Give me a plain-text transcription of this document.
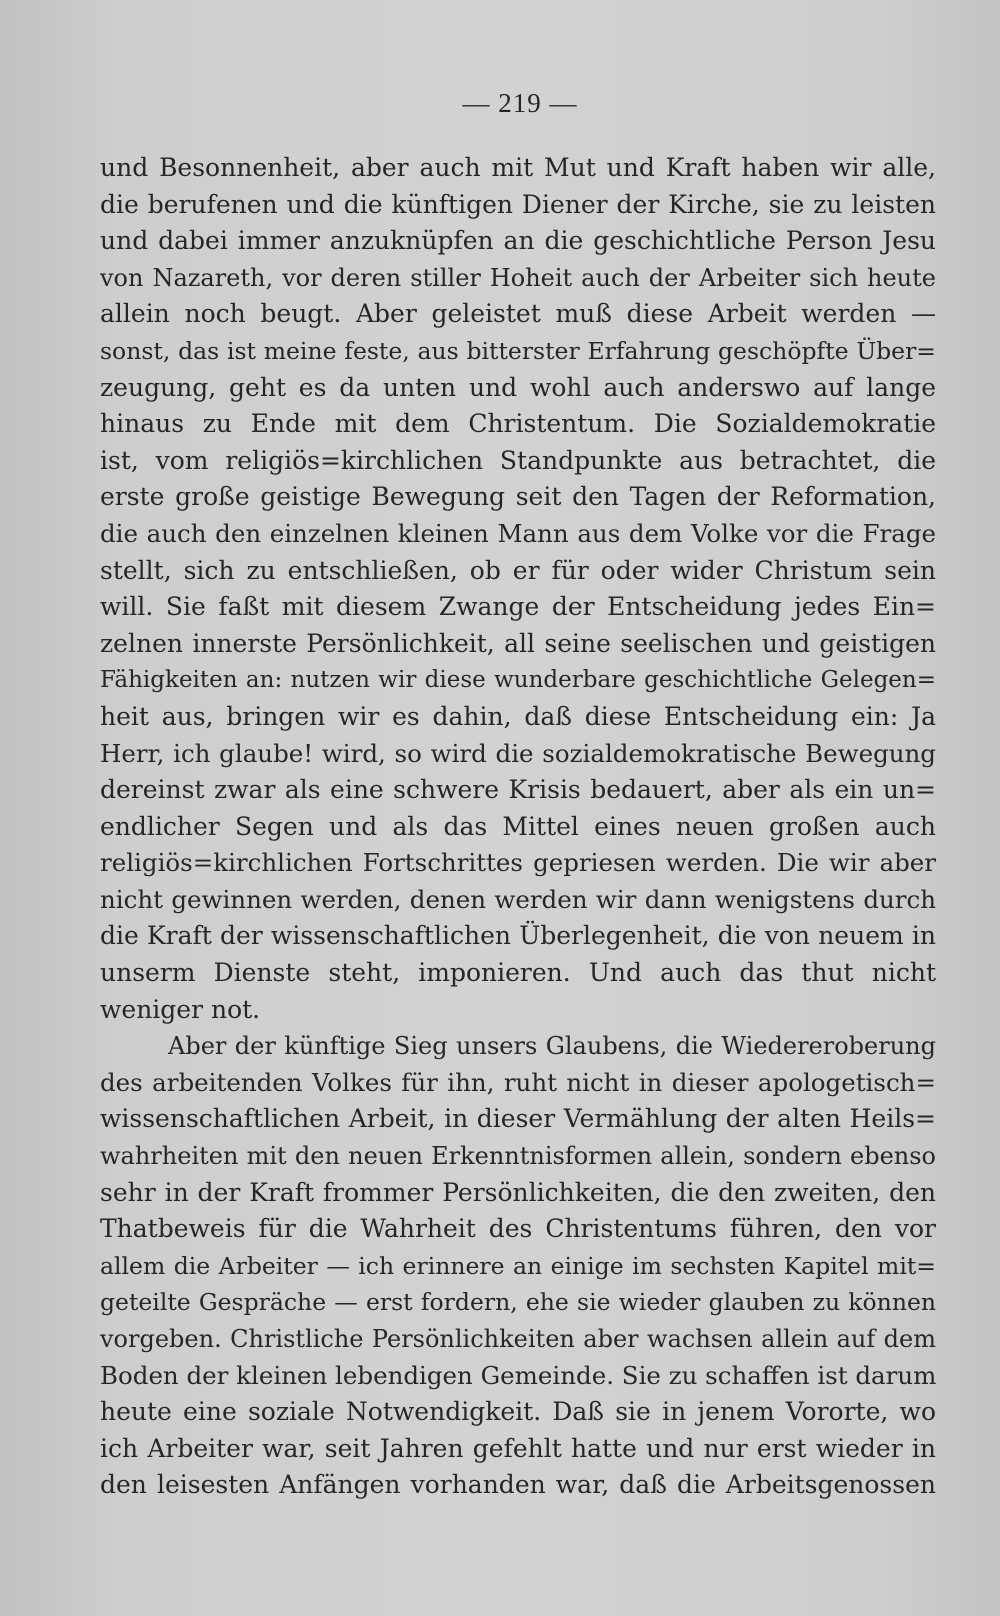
— 219 —
und Besonnenheit, aber auch mit Mut und Kraft haben wir alle,
die berufenen und die künftigen Diener der Kirche, sie zu leisten
und dabei immer anzuknüpfen an die geschichtliche Person Jesu
von Nazareth, vor deren stiller Hoheit auch der Arbeiter sich heute
allein noch beugt. Aber geleistet muß diese Arbeit werden —
sonst, das ist meine feste, aus bitterster Erfahrung geschöpfte Über=
zeugung, geht es da unten und wohl auch anderswo auf lange
hinaus zu Ende mit dem Christentum. Die Sozialdemokratie
ist, vom religiös=kirchlichen Standpunkte aus betrachtet, die
erste große geistige Bewegung seit den Tagen der Reformation,
die auch den einzelnen kleinen Mann aus dem Volke vor die Frage
stellt, sich zu entschließen, ob er für oder wider Christum sein
will. Sie faßt mit diesem Zwange der Entscheidung jedes Ein=
zelnen innerste Persönlichkeit, all seine seelischen und geistigen
Fähigkeiten an: nutzen wir diese wunderbare geschichtliche Gelegen=
heit aus, bringen wir es dahin, daß diese Entscheidung ein: Ja
Herr, ich glaube! wird, so wird die sozialdemokratische Bewegung
dereinst zwar als eine schwere Krisis bedauert, aber als ein un=
endlicher Segen und als das Mittel eines neuen großen auch
religiös=kirchlichen Fortschrittes gepriesen werden. Die wir aber
nicht gewinnen werden, denen werden wir dann wenigstens durch
die Kraft der wissenschaftlichen Überlegenheit, die von neuem in
unserm Dienste steht, imponieren. Und auch das thut nicht
weniger not.
Aber der künftige Sieg unsers Glaubens, die Wiedereroberung
des arbeitenden Volkes für ihn, ruht nicht in dieser apologetisch=
wissenschaftlichen Arbeit, in dieser Vermählung der alten Heils=
wahrheiten mit den neuen Erkenntnisformen allein, sondern ebenso
sehr in der Kraft frommer Persönlichkeiten, die den zweiten, den
Thatbeweis für die Wahrheit des Christentums führen, den vor
allem die Arbeiter — ich erinnere an einige im sechsten Kapitel mit=
geteilte Gespräche — erst fordern, ehe sie wieder glauben zu können
vorgeben. Christliche Persönlichkeiten aber wachsen allein auf dem
Boden der kleinen lebendigen Gemeinde. Sie zu schaffen ist darum
heute eine soziale Notwendigkeit. Daß sie in jenem Vororte, wo
ich Arbeiter war, seit Jahren gefehlt hatte und nur erst wieder in
den leisesten Anfängen vorhanden war, daß die Arbeitsgenossen
